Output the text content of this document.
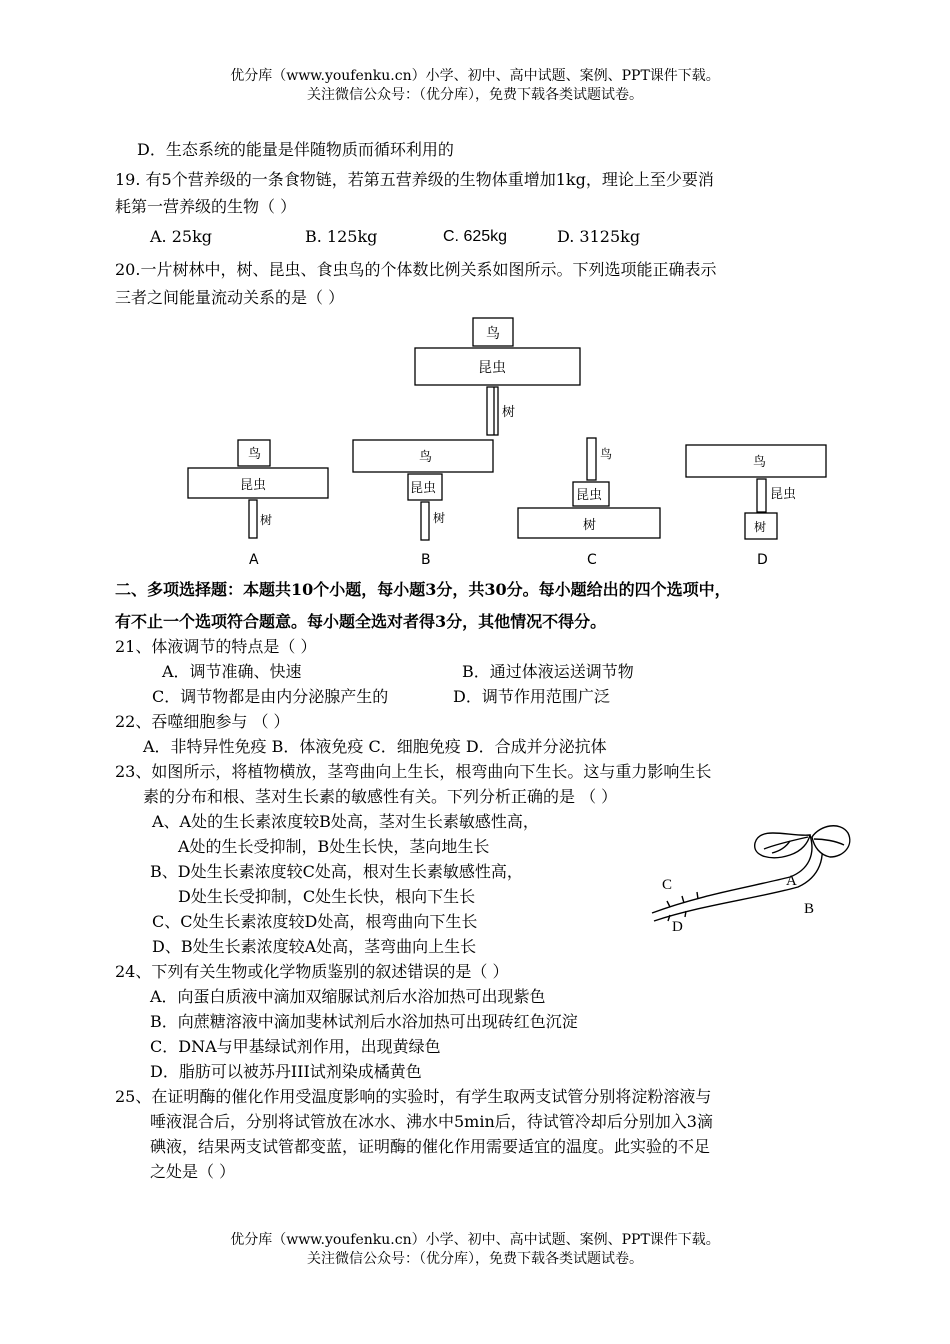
优分库（www.youfenku.cn）小学、初中、高中试题、案例、PPT课件下载。
关注微信公众号：（优分库），免费下载各类试题试卷。
D．生态系统的能量是伴随物质而循环利用的
19. 有5个营养级的一条食物链，若第五营养级的生物体重增加1kg，理论上至少要消
耗第一营养级的生物（ ）
A. 25kg	B. 125kg	C. 625kg	D. 3125kg
20.一片树林中，树、昆虫、食虫鸟的个体数比例关系如图所示。下列选项能正确表示
三者之间能量流动关系的是（ ）
鸟
昆虫
树
鸟
昆虫
树
鸟
昆虫
树
鸟
昆虫
树
鸟
昆虫
树
A	B	C	D
二、多项选择题：本题共10个小题，每小题3分，共30分。每小题给出的四个选项中，
有不止一个选项符合题意。每小题全选对者得3分，其他情况不得分。
21、体液调节的特点是（ ）
A．调节准确、快速	B．通过体液运送调节物
C．调节物都是由内分泌腺产生的	D．调节作用范围广泛
22、吞噬细胞参与 （ ）
A．非特异性免疫 B．体液免疫 C．细胞免疫 D．合成并分泌抗体
23、如图所示，将植物横放，茎弯曲向上生长，根弯曲向下生长。这与重力影响生长
素的分布和根、茎对生长素的敏感性有关。下列分析正确的是 （ ）
A、A处的生长素浓度较B处高，茎对生长素敏感性高，
A处的生长受抑制，B处生长快，茎向地生长
B、D处生长素浓度较C处高，根对生长素敏感性高，
D处生长受抑制，C处生长快，根向下生长
C、C处生长素浓度较D处高，根弯曲向下生长
D、B处生长素浓度较A处高，茎弯曲向上生长
C
D
A
B
24、下列有关生物或化学物质鉴别的叙述错误的是（ ）
A．向蛋白质液中滴加双缩脲试剂后水浴加热可出现紫色
B．向蔗糖溶液中滴加斐林试剂后水浴加热可出现砖红色沉淀
C．DNA与甲基绿试剂作用，出现黄绿色
D．脂肪可以被苏丹III试剂染成橘黄色
25、在证明酶的催化作用受温度影响的实验时，有学生取两支试管分别将淀粉溶液与
唾液混合后，分别将试管放在冰水、沸水中5min后，待试管冷却后分别加入3滴
碘液，结果两支试管都变蓝，证明酶的催化作用需要适宜的温度。此实验的不足
之处是（ ）
优分库（www.youfenku.cn）小学、初中、高中试题、案例、PPT课件下载。
关注微信公众号：（优分库），免费下载各类试题试卷。
